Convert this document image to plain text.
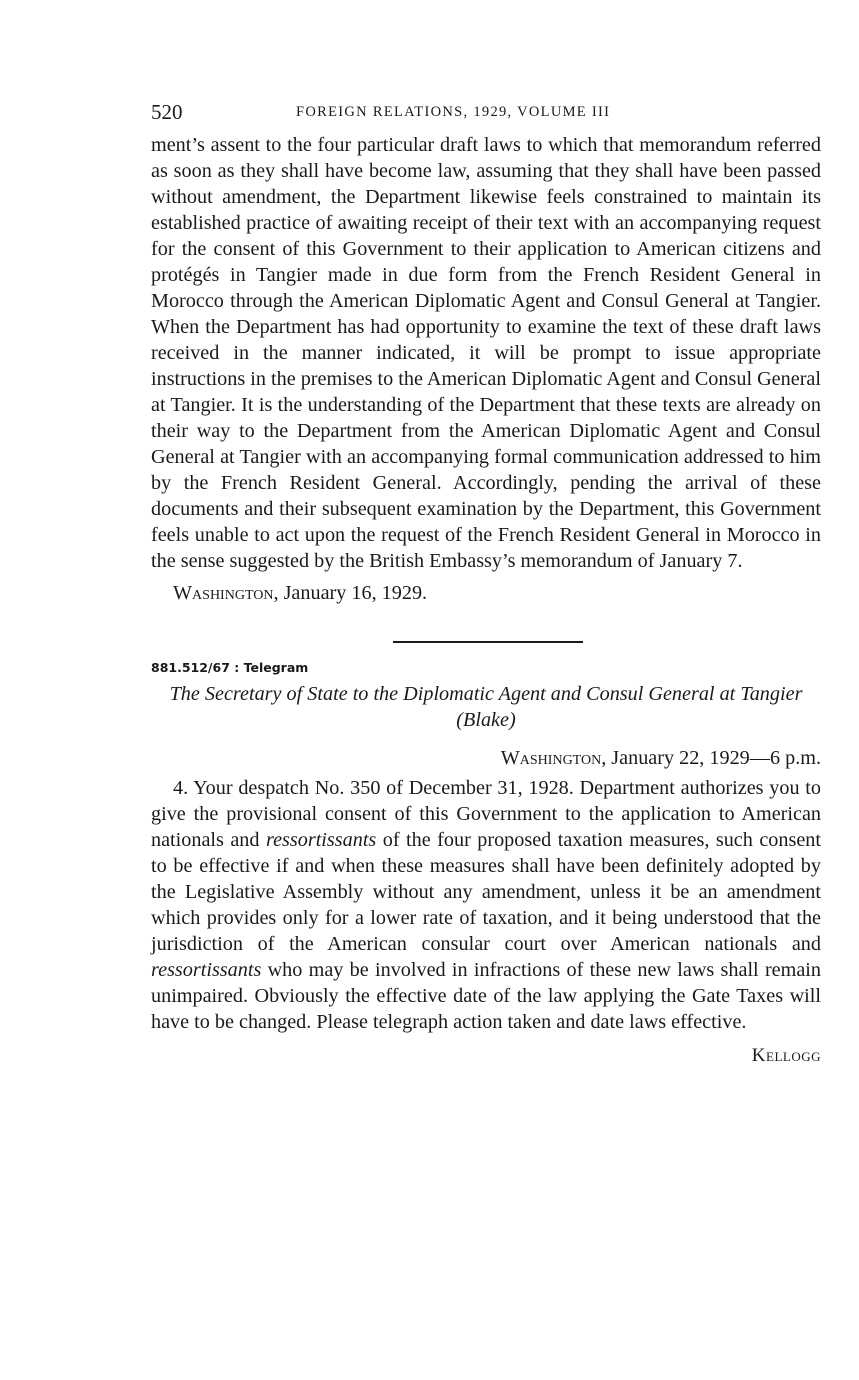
520	FOREIGN RELATIONS, 1929, VOLUME III

ment’s assent to the four particular draft laws to which that memorandum referred as soon as they shall have become law, assuming that they shall have been passed without amendment, the Department likewise feels constrained to maintain its established practice of awaiting receipt of their text with an accompanying request for the consent of this Government to their application to American citizens and protégés in Tangier made in due form from the French Resident General in Morocco through the American Diplomatic Agent and Consul General at Tangier. When the Department has had opportunity to examine the text of these draft laws received in the manner indicated, it will be prompt to issue appropriate instructions in the premises to the American Diplomatic Agent and Consul General at Tangier. It is the understanding of the Department that these texts are already on their way to the Department from the American Diplomatic Agent and Consul General at Tangier with an accompanying formal communication addressed to him by the French Resident General. Accordingly, pending the arrival of these documents and their subsequent examination by the Department, this Government feels unable to act upon the request of the French Resident General in Morocco in the sense suggested by the British Embassy’s memorandum of January 7.

Washington, January 16, 1929.
881.512/67 : Telegram
The Secretary of State to the Diplomatic Agent and Consul General at Tangier (Blake)
Washington, January 22, 1929—6 p.m.

4. Your despatch No. 350 of December 31, 1928. Department authorizes you to give the provisional consent of this Government to the application to American nationals and ressortissants of the four proposed taxation measures, such consent to be effective if and when these measures shall have been definitely adopted by the Legislative Assembly without any amendment, unless it be an amendment which provides only for a lower rate of taxation, and it being understood that the jurisdiction of the American consular court over American nationals and ressortissants who may be involved in infractions of these new laws shall remain unimpaired. Obviously the effective date of the law applying the Gate Taxes will have to be changed. Please telegraph action taken and date laws effective.

Kellogg
